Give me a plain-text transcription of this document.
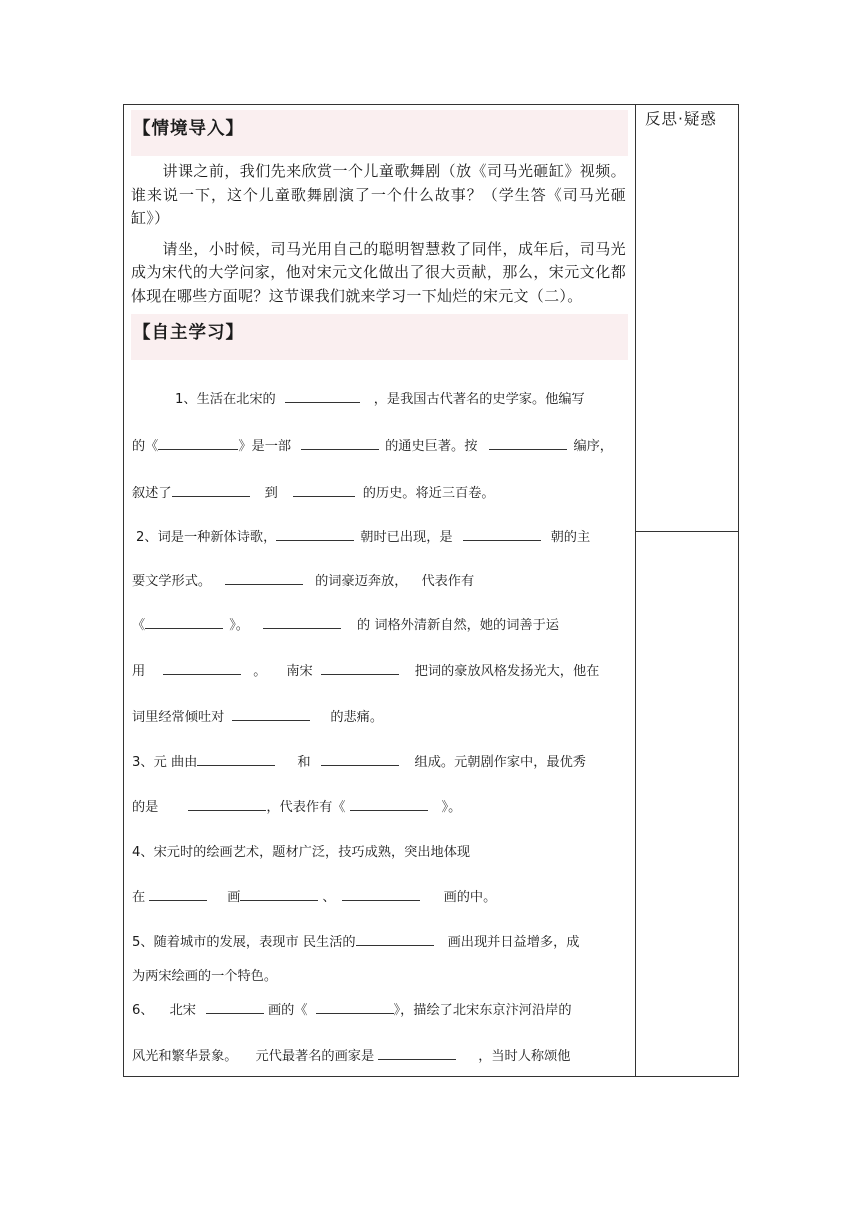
反思·疑惑
【情境导入】

讲课之前，我们先来欣赏一个儿童歌舞剧（放《司马光砸缸》视频。谁来说一下，这个儿童歌舞剧演了一个什么故事？（学生答《司马光砸缸》）

请坐，小时候，司马光用自己的聪明智慧救了同伴，成年后，司马光成为宋代的大学问家，他对宋元文化做出了很大贡献，那么，宋元文化都体现在哪些方面呢？这节课我们就来学习一下灿烂的宋元文（二）。

【自主学习】
1、生活在北宋的	，是我国古代著名的史学家。他编写
的《	》是一部	的通史巨著。按	编序，
叙述了	到	的历史。将近三百卷。
2、词是一种新体诗歌，	朝时已出现，是	朝的主
要文学形式。	的词豪迈奔放， 代表作有
《	》。	的 词格外清新自然，她的词善于运
用	。 南宋	把词的豪放风格发扬光大，他在
词里经常倾吐对	的悲痛。
3、元 曲由	和	组成。元朝剧作家中，最优秀
的是	，代表作有《	》。
4、宋元时的绘画艺术，题材广泛，技巧成熟，突出地体现
在	画	、	画的中。
5、随着城市的发展，表现市 民生活的	画出现并日益增多，成
为两宋绘画的一个特色。
6、 北宋	画的《	》，描绘了北宋东京汴河沿岸的
风光和繁华景象。 元代最著名的画家是	，当时人称颂他
